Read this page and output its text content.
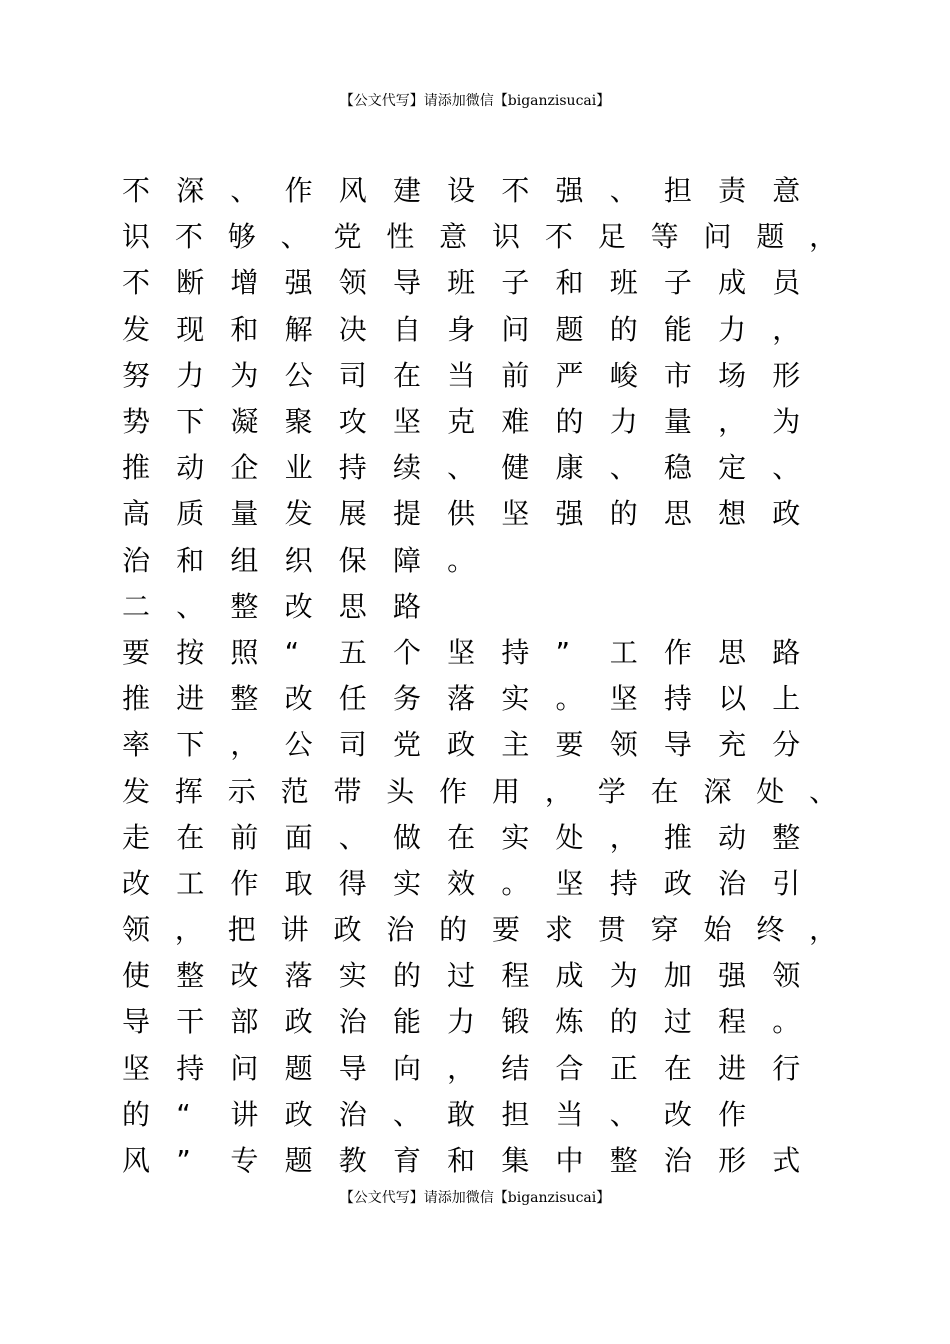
【公文代写】请添加微信【biganzisucai】
不 深 、 作 风 建 设 不 强 、 担 责 意
识 不 够 、 党 性 意 识 不 足 等 问 题 ，
不 断 增 强 领 导 班 子 和 班 子 成 员
发 现 和 解 决 自 身 问 题 的 能 力 ，
努 力 为 公 司 在 当 前 严 峻 市 场 形
势 下 凝 聚 攻 坚 克 难 的 力 量 ， 为
推 动 企 业 持 续 、 健 康 、 稳 定 、
高 质 量 发 展 提 供 坚 强 的 思 想 政
治 和 组 织 保 障 。
二 、 整 改 思 路
要 按 照 “	五 个 坚 持 ”	工 作 思 路
推 进 整 改 任 务 落 实 。 坚 持 以 上
率 下 ， 公 司 党 政 主 要 领 导 充 分
发 挥 示 范 带 头 作 用 ， 学 在 深 处 、
走 在 前 面 、 做 在 实 处 ， 推 动 整
改 工 作 取 得 实 效 。 坚 持 政 治 引
领 ， 把 讲 政 治 的 要 求 贯 穿 始 终 ，
使 整 改 落 实 的 过 程 成 为 加 强 领
导 干 部 政 治 能 力 锻 炼 的 过 程 。
坚 持 问 题 导 向 ， 结 合 正 在 进 行
的 “	讲 政 治 、 敢 担 当 、 改 作
风 ”	专 题 教 育 和 集 中 整 治 形 式
【公文代写】请添加微信【biganzisucai】
